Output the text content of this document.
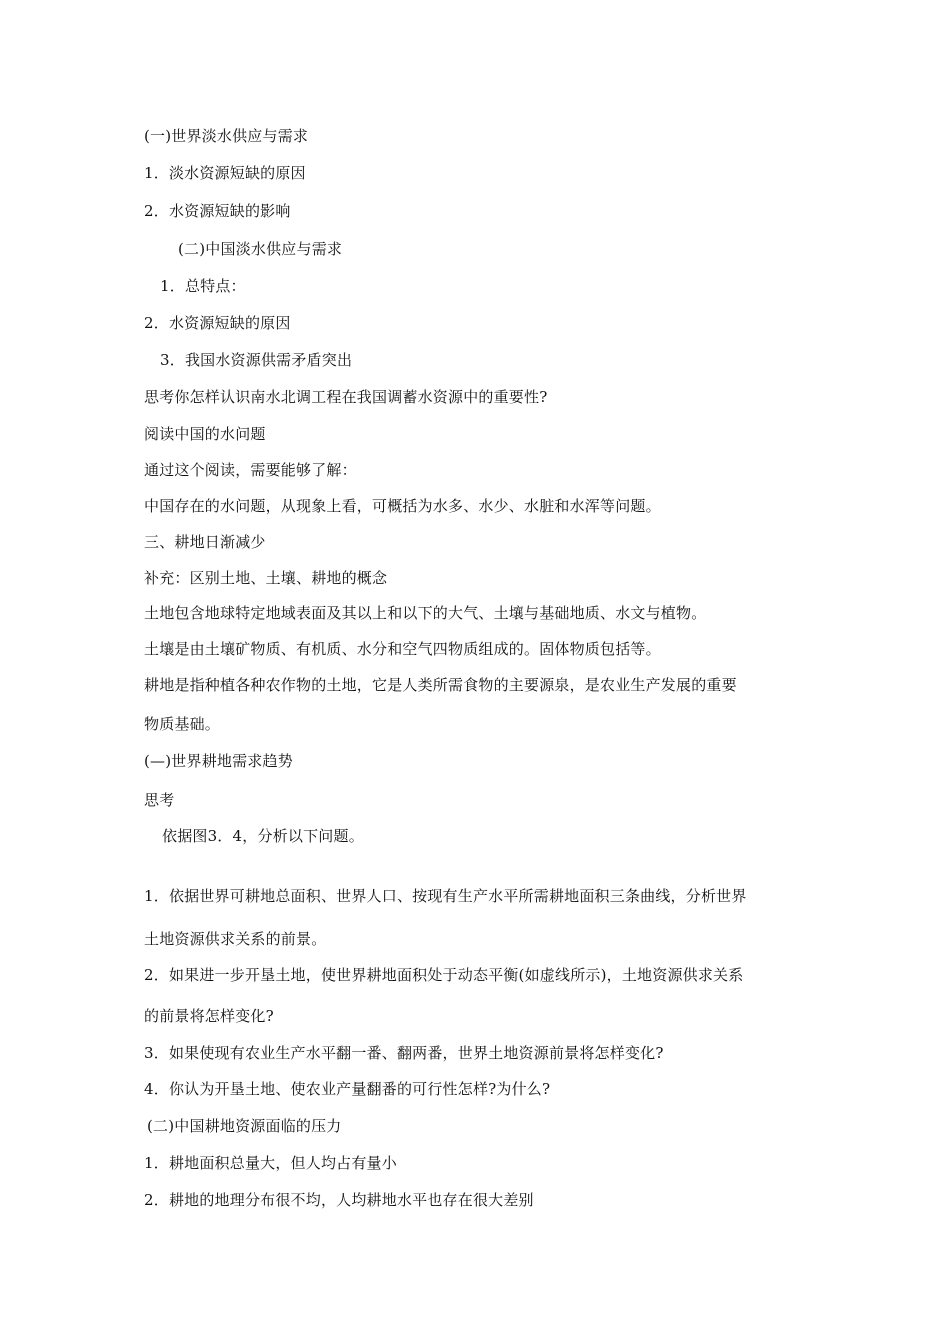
(一)世界淡水供应与需求
1．淡水资源短缺的原因
2．水资源短缺的影响
(二)中国淡水供应与需求
1．总特点：
2．水资源短缺的原因
3．我国水资源供需矛盾突出
思考你怎样认识南水北调工程在我国调蓄水资源中的重要性?
阅读中国的水问题
通过这个阅读，需要能够了解：
中国存在的水问题，从现象上看，可概括为水多、水少、水脏和水浑等问题。
三、耕地日渐减少
补充：区别土地、土壤、耕地的概念
土地包含地球特定地域表面及其以上和以下的大气、土壤与基础地质、水文与植物。
土壤是由土壤矿物质、有机质、水分和空气四物质组成的。固体物质包括等。
耕地是指种植各种农作物的土地，它是人类所需食物的主要源泉，是农业生产发展的重要
物质基础。
(—)世界耕地需求趋势
思考
依据图3．4，分析以下问题。
1．依据世界可耕地总面积、世界人口、按现有生产水平所需耕地面积三条曲线，分析世界
土地资源供求关系的前景。
2．如果进一步开垦土地，使世界耕地面积处于动态平衡(如虚线所示)，土地资源供求关系
的前景将怎样变化?
3．如果使现有农业生产水平翻一番、翻两番，世界土地资源前景将怎样变化?
4．你认为开垦土地、使农业产量翻番的可行性怎样?为什么?
(二)中国耕地资源面临的压力
1．耕地面积总量大，但人均占有量小
2．耕地的地理分布很不均，人均耕地水平也存在很大差别
